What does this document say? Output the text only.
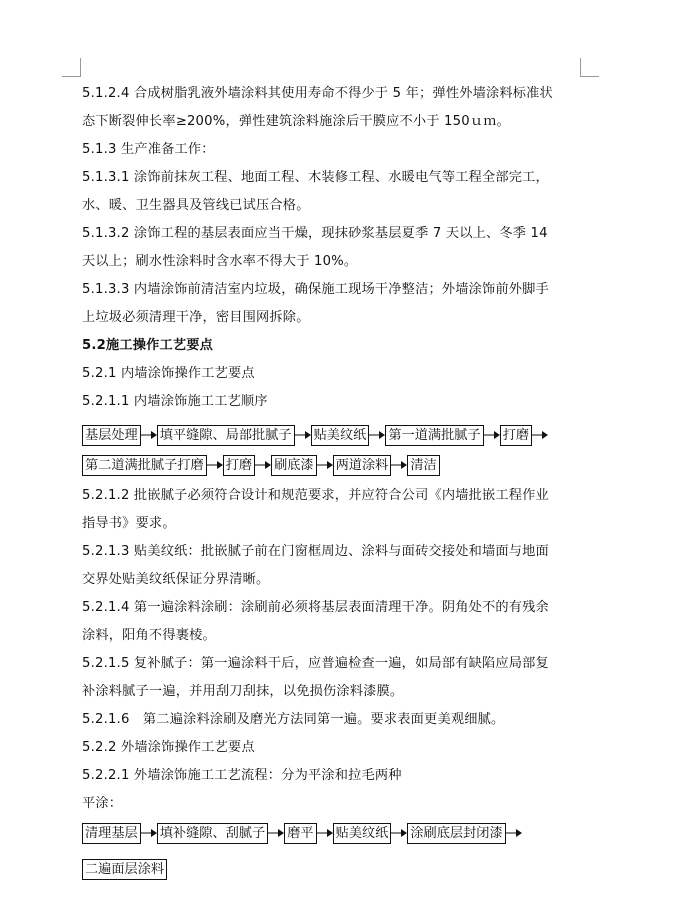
5.1.2.4 合成树脂乳液外墙涂料其使用寿命不得少于 5 年；弹性外墙涂料标准状

态下断裂伸长率≥200%，弹性建筑涂料施涂后干膜应不小于 150ｕｍ。

5.1.3 生产准备工作：

5.1.3.1 涂饰前抹灰工程、地面工程、木装修工程、水暖电气等工程全部完工，

水、暖、卫生器具及管线已试压合格。

5.1.3.2 涂饰工程的基层表面应当干燥，现抹砂浆基层夏季 7 天以上、冬季 14

天以上；刷水性涂料时含水率不得大于 10%。

5.1.3.3 内墙涂饰前清洁室内垃圾，确保施工现场干净整洁；外墙涂饰前外脚手

上垃圾必须清理干净，密目围网拆除。

5.2施工操作工艺要点

5.2.1 内墙涂饰操作工艺要点

5.2.1.1 内墙涂饰施工工艺顺序

基层处理 填平缝隙、局部批腻子 贴美纹纸 第一道满批腻子 打磨
第二道满批腻子打磨 打磨 刷底漆 两道涂料 清洁

5.2.1.2 批嵌腻子必须符合设计和规范要求，并应符合公司《内墙批嵌工程作业

指导书》要求。

5.2.1.3 贴美纹纸：批嵌腻子前在门窗框周边、涂料与面砖交接处和墙面与地面

交界处贴美纹纸保证分界清晰。

5.2.1.4 第一遍涂料涂刷：涂刷前必须将基层表面清理干净。阴角处不的有残余

涂料，阳角不得裹棱。

5.2.1.5 复补腻子：第一遍涂料干后，应普遍检查一遍，如局部有缺陷应局部复

补涂料腻子一遍，并用刮刀刮抹，以免损伤涂料漆膜。

5.2.1.6　第二遍涂料涂刷及磨光方法同第一遍。要求表面更美观细腻。

5.2.2 外墙涂饰操作工艺要点

5.2.2.1 外墙涂饰施工工艺流程：分为平涂和拉毛两种

平涂：

清理基层 填补缝隙、刮腻子 磨平 贴美纹纸 涂刷底层封闭漆
二遍面层涂料
